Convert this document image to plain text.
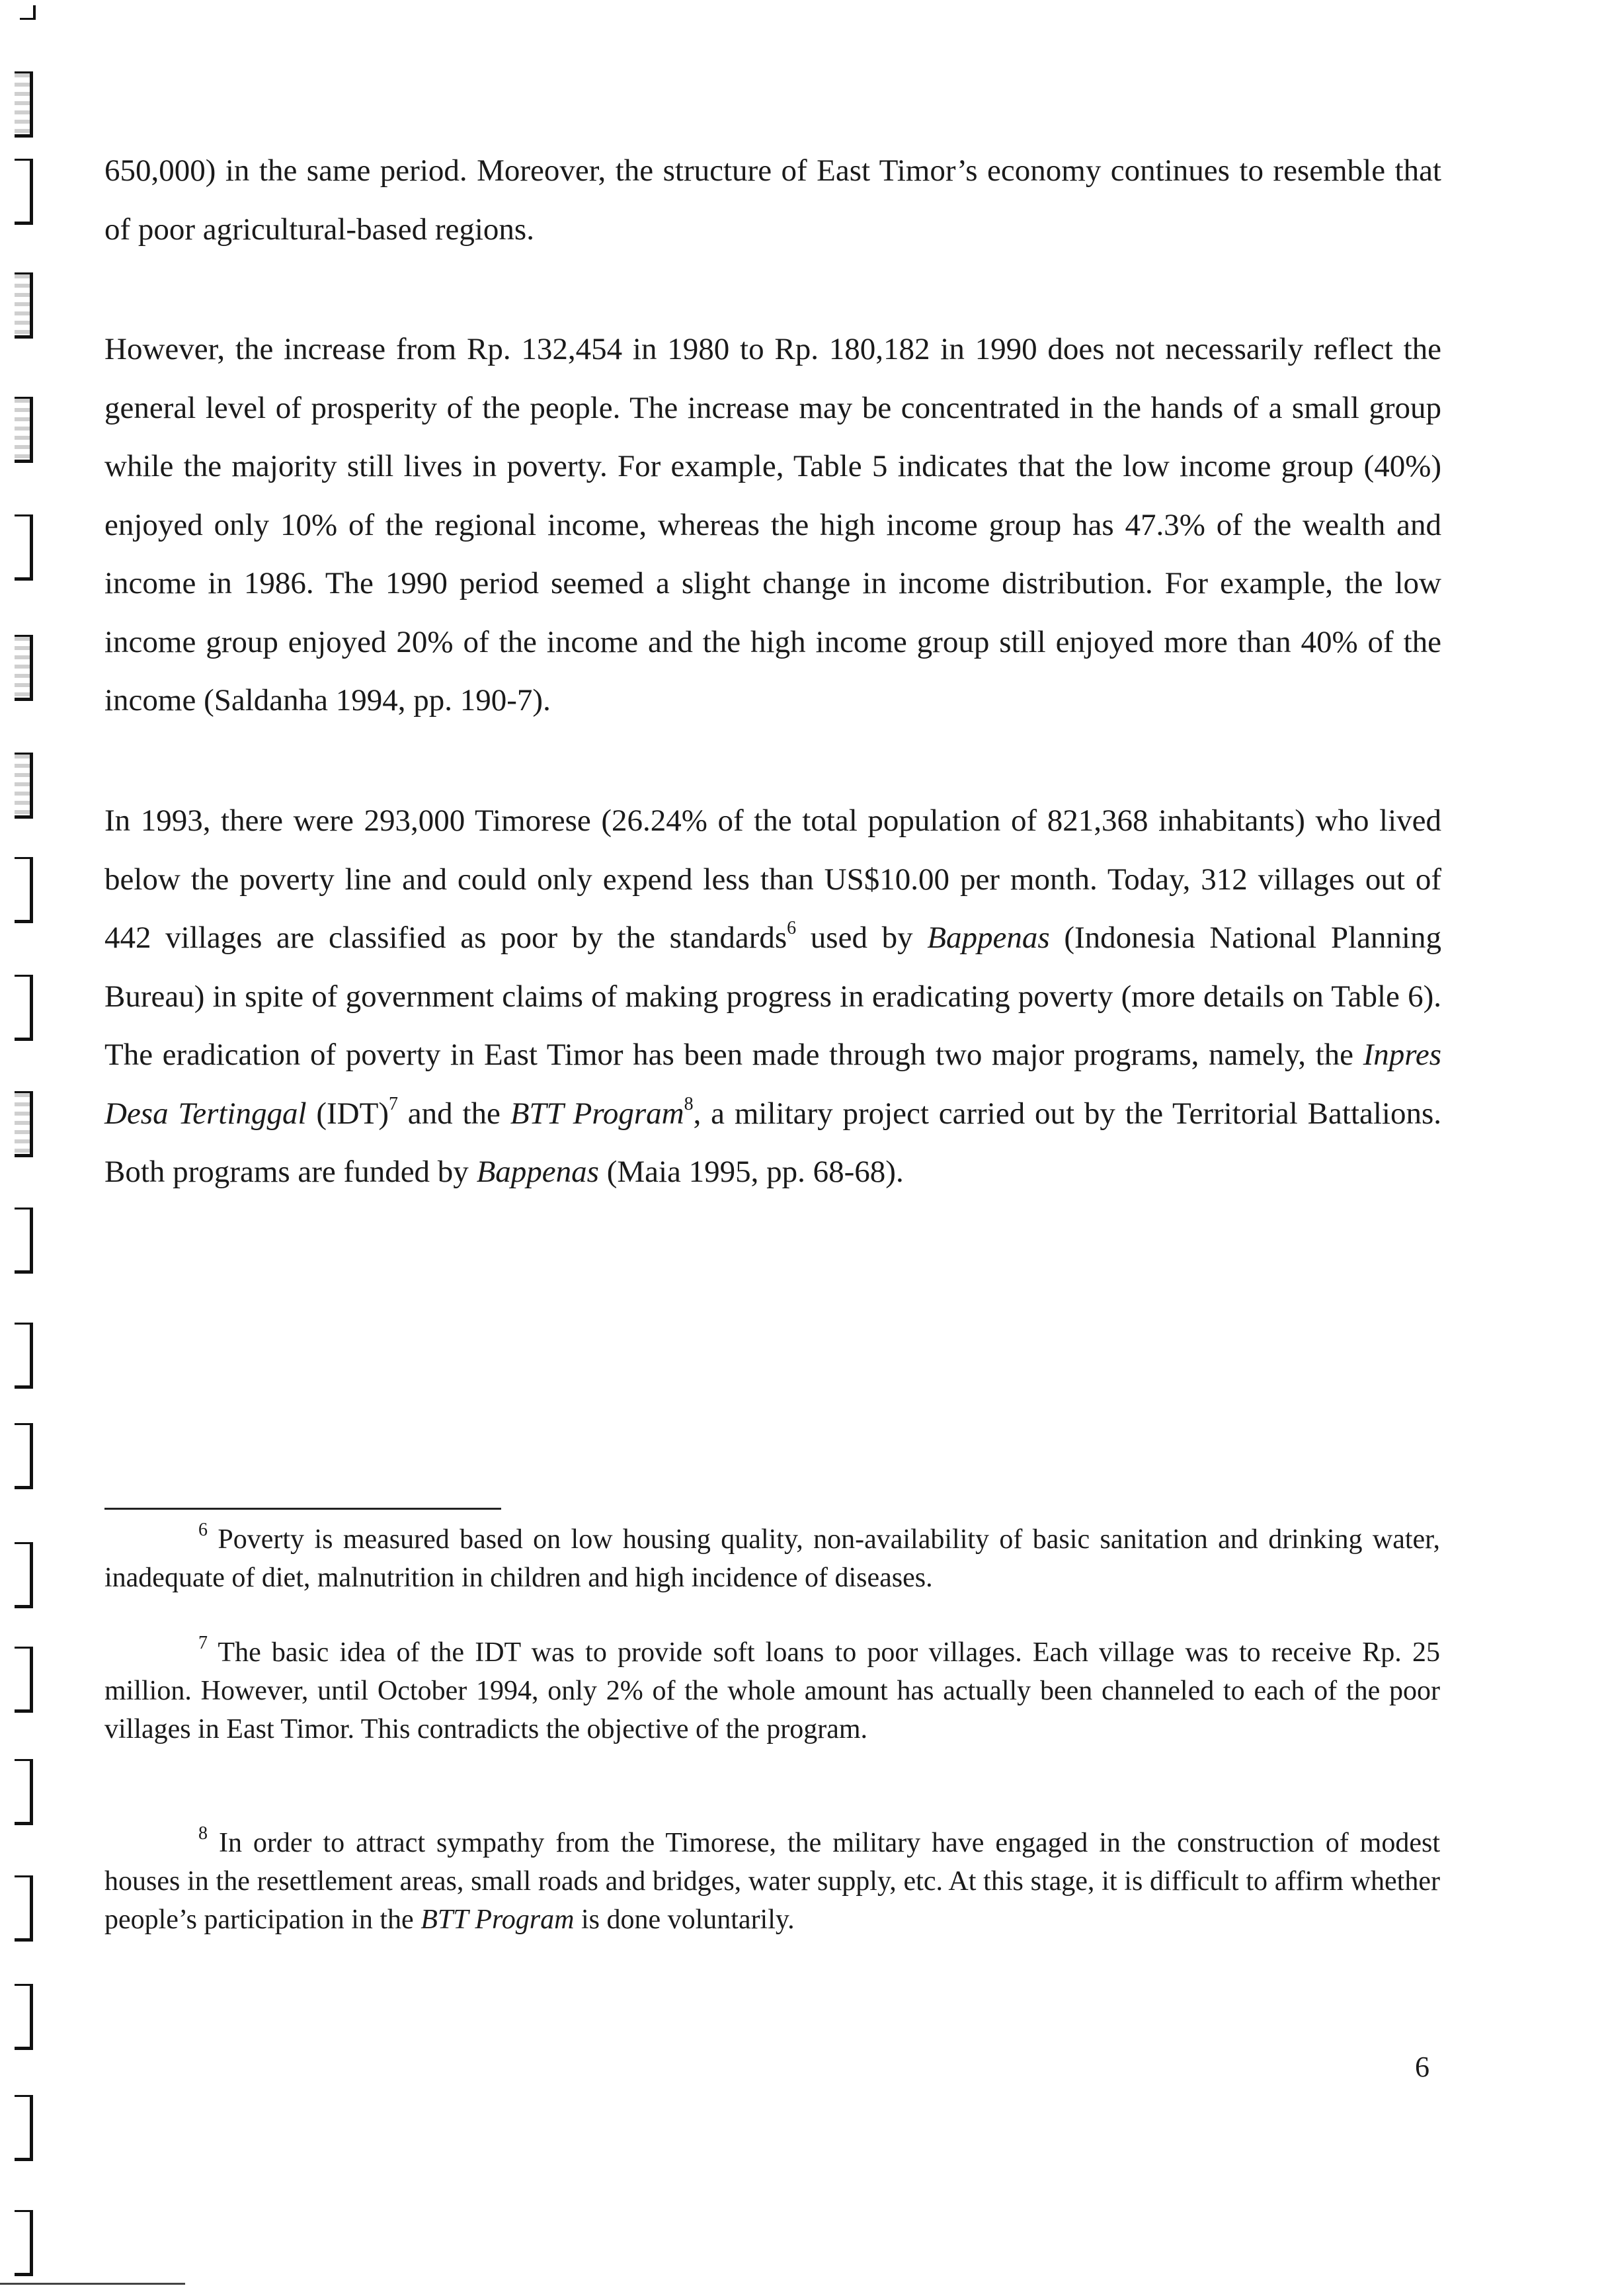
650,000) in the same period. Moreover, the structure of East Timor’s economy continues to resemble that of poor agricultural-based regions.

However, the increase from Rp. 132,454 in 1980 to Rp. 180,182 in 1990 does not necessarily reflect the general level of prosperity of the people. The increase may be concentrated in the hands of a small group while the majority still lives in poverty. For example, Table 5 indicates that the low income group (40%) enjoyed only 10% of the regional income, whereas the high income group has 47.3% of the wealth and income in 1986. The 1990 period seemed a slight change in income distribution. For example, the low income group enjoyed 20% of the income and the high income group still enjoyed more than 40% of the income (Saldanha 1994, pp. 190-7).

In 1993, there were 293,000 Timorese (26.24% of the total population of 821,368 inhabitants) who lived below the poverty line and could only expend less than US$10.00 per month. Today, 312 villages out of 442 villages are classified as poor by the standards$^6$ used by Bappenas (Indonesia National Planning Bureau) in spite of government claims of making progress in eradicating poverty (more details on Table 6). The eradication of poverty in East Timor has been made through two major programs, namely, the Inpres Desa Tertinggal (IDT)$^7$ and the BTT Program$^8$, a military project carried out by the Territorial Battalions. Both programs are funded by Bappenas (Maia 1995, pp. 68-68).

$^6$ Poverty is measured based on low housing quality, non-availability of basic sanitation and drinking water, inadequate of diet, malnutrition in children and high incidence of diseases.

$^7$ The basic idea of the IDT was to provide soft loans to poor villages. Each village was to receive Rp. 25 million. However, until October 1994, only 2% of the whole amount has actually been channeled to each of the poor villages in East Timor. This contradicts the objective of the program.

$^8$ In order to attract sympathy from the Timorese, the military have engaged in the construction of modest houses in the resettlement areas, small roads and bridges, water supply, etc. At this stage, it is difficult to affirm whether people’s participation in the BTT Program is done voluntarily.

6
